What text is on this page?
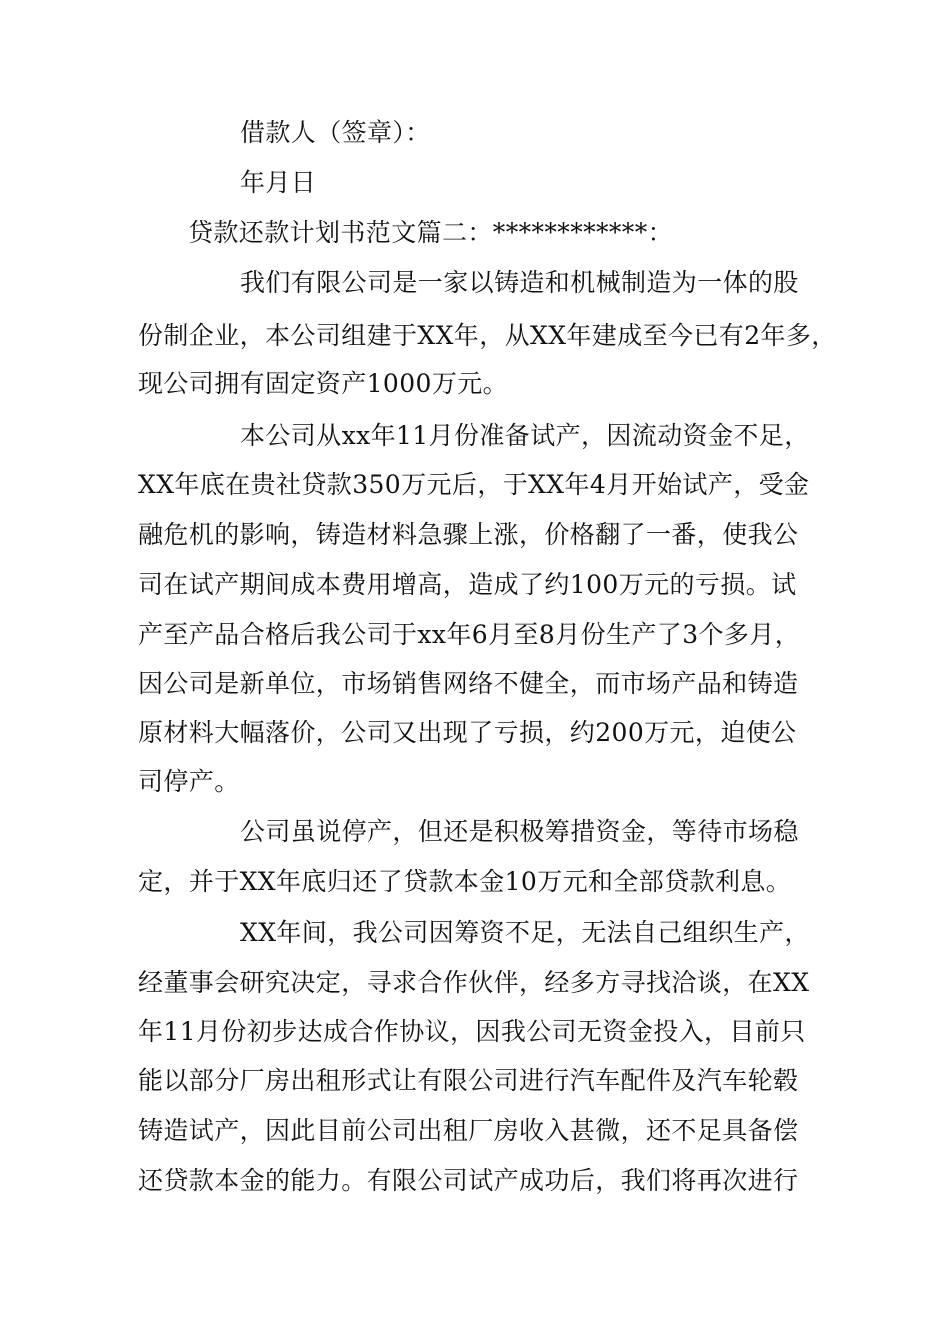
借款人（签章）：
年月日
贷款还款计划书范文篇二：************：
我们有限公司是一家以铸造和机械制造为一体的股
份制企业，本公司组建于XX年，从XX年建成至今已有2年多，
现公司拥有固定资产1000万元。
本公司从xx年11月份准备试产，因流动资金不足，
XX年底在贵社贷款350万元后，于XX年4月开始试产，受金
融危机的影响，铸造材料急骤上涨，价格翻了一番，使我公
司在试产期间成本费用增高，造成了约100万元的亏损。试
产至产品合格后我公司于xx年6月至8月份生产了3个多月，
因公司是新单位，市场销售网络不健全，而市场产品和铸造
原材料大幅落价，公司又出现了亏损，约200万元，迫使公
司停产。
公司虽说停产，但还是积极筹措资金，等待市场稳
定，并于XX年底归还了贷款本金10万元和全部贷款利息。
XX年间，我公司因筹资不足，无法自己组织生产，
经董事会研究决定，寻求合作伙伴，经多方寻找洽谈，在XX
年11月份初步达成合作协议，因我公司无资金投入，目前只
能以部分厂房出租形式让有限公司进行汽车配件及汽车轮毂
铸造试产，因此目前公司出租厂房收入甚微，还不足具备偿
还贷款本金的能力。有限公司试产成功后，我们将再次进行
